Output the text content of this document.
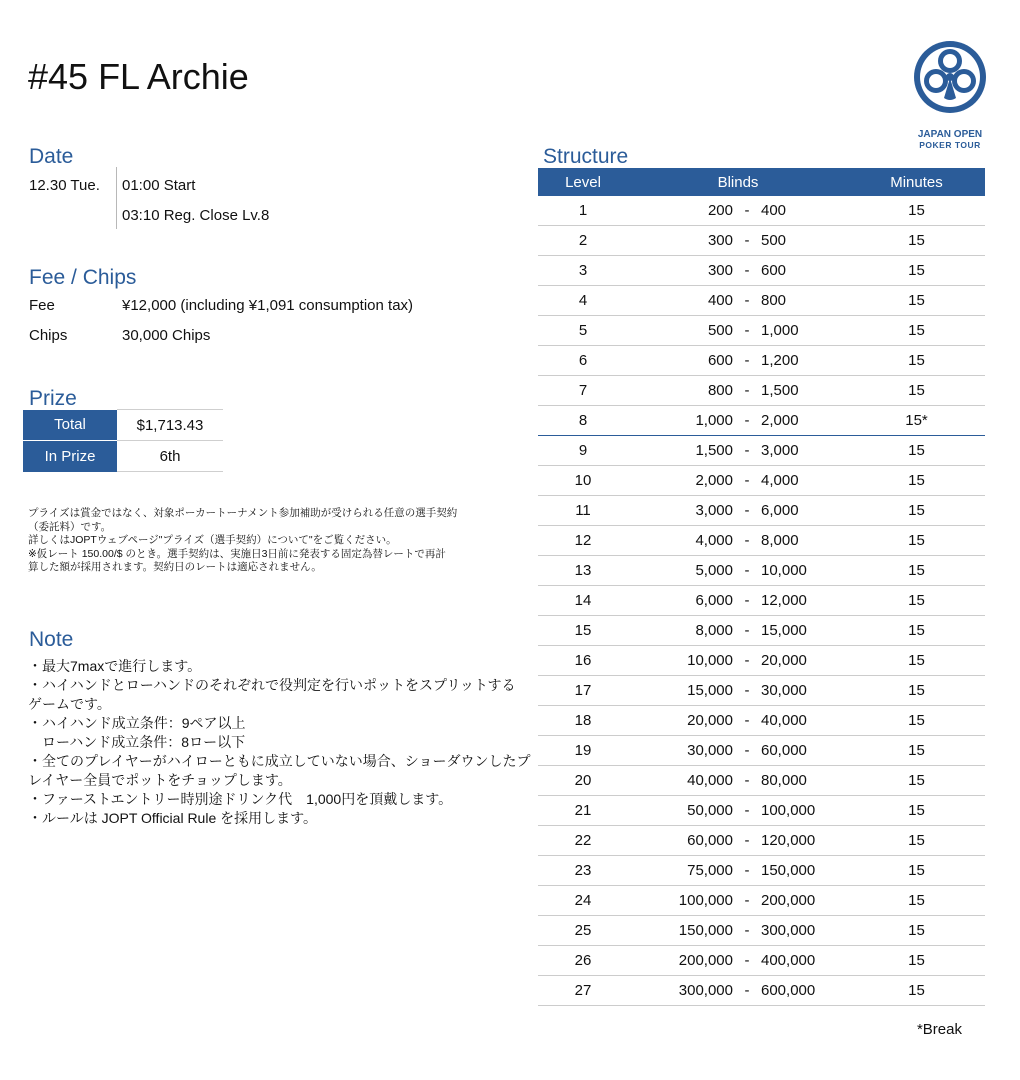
#45 FL Archie
JAPAN OPEN
POKER TOUR
Date
12.30 Tue. 01:00 Start
03:10 Reg. Close Lv.8
Fee / Chips
Fee	¥12,000 (including ¥1,091 consumption tax)
Chips	30,000 Chips
Prize
Total	$1,713.43
In Prize	6th
プライズは賞金ではなく、対象ポーカートーナメント参加補助が受けられる任意の選手契約
（委託料）です。
詳しくはJOPTウェブページ"プライズ（選手契約）について"をご覧ください。
※仮レート 150.00/$ のとき。選手契約は、実施日3日前に発表する固定為替レートで再計
算した額が採用されます。契約日のレートは適応されません。
Note
・最大7maxで進行します。
・ハイハンドとローハンドのそれぞれで役判定を行いポットをスプリットする
ゲームです。
・ハイハンド成立条件：9ペア以上
　ローハンド成立条件：8ロー以下
・全てのプレイヤーがハイローともに成立していない場合、ショーダウンしたプ
レイヤー全員でポットをチョップします。
・ファーストエントリー時別途ドリンク代　1,000円を頂戴します。
・ルールは JOPT Official Rule を採用します。
Structure
Level	Blinds	Minutes
1	200 - 400	15
2	300 - 500	15
3	300 - 600	15
4	400 - 800	15
5	500 - 1,000	15
6	600 - 1,200	15
7	800 - 1,500	15
8	1,000 - 2,000	15*
9	1,500 - 3,000	15
10	2,000 - 4,000	15
11	3,000 - 6,000	15
12	4,000 - 8,000	15
13	5,000 - 10,000	15
14	6,000 - 12,000	15
15	8,000 - 15,000	15
16	10,000 - 20,000	15
17	15,000 - 30,000	15
18	20,000 - 40,000	15
19	30,000 - 60,000	15
20	40,000 - 80,000	15
21	50,000 - 100,000	15
22	60,000 - 120,000	15
23	75,000 - 150,000	15
24	100,000 - 200,000	15
25	150,000 - 300,000	15
26	200,000 - 400,000	15
27	300,000 - 600,000	15
*Break
